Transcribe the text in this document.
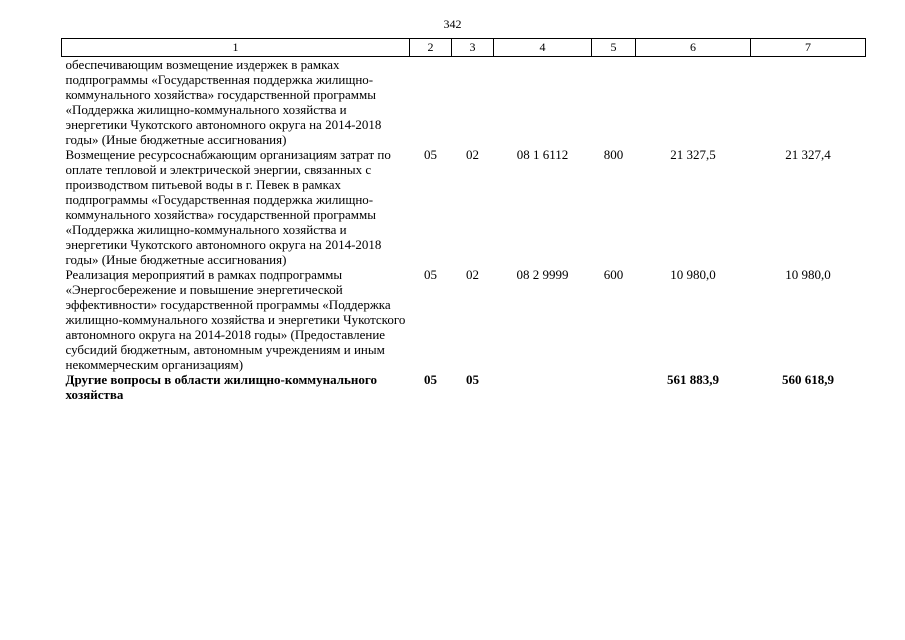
342
1	2	3	4	5	6	7
обеспечивающим возмещение издержек в рамках подпрограммы «Государственная поддержка жилищно-коммунального хозяйства» государственной программы «Поддержка жилищно-коммунального хозяйства и энергетики Чукотского автономного округа на 2014-2018 годы» (Иные бюджетные ассигнования)						
Возмещение ресурсоснабжающим организациям затрат по оплате тепловой и электрической энергии, связанных с производством питьевой воды в г. Певек в рамках подпрограммы «Государственная поддержка жилищно-коммунального хозяйства» государственной программы «Поддержка жилищно-коммунального хозяйства и энергетики Чукотского автономного округа на 2014-2018 годы» (Иные бюджетные ассигнования)	05	02	08 1 6112	800	21 327,5	21 327,4
Реализация мероприятий в рамках подпрограммы «Энергосбережение и повышение энергетической эффективности» государственной программы «Поддержка жилищно-коммунального хозяйства и энергетики Чукотского автономного округа на 2014-2018 годы» (Предоставление субсидий бюджетным, автономным учреждениям и иным некоммерческим организациям)	05	02	08 2 9999	600	10 980,0	10 980,0
Другие вопросы в области жилищно-коммунального хозяйства	05	05			561 883,9	560 618,9
